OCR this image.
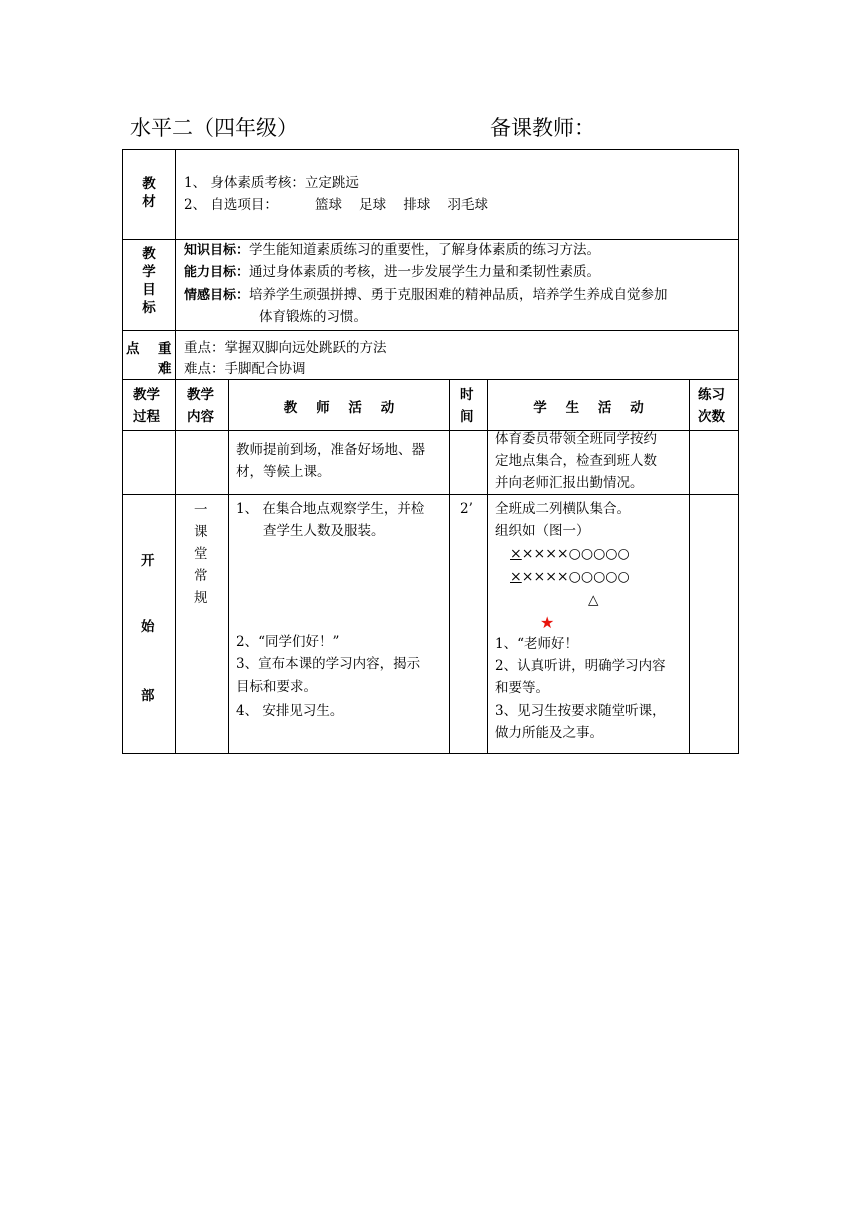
水平二（四年级）	备课教师：
教材
1、 身体素质考核：立定跳远
2、 自选项目：	篮球    足球    排球    羽毛球
教学目标
知识目标：学生能知道素质练习的重要性，了解身体素质的练习方法。
能力目标：通过身体素质的考核，进一步发展学生力量和柔韧性素质。
情感目标：培养学生顽强拼搏、勇于克服困难的精神品质，培养学生养成自觉参加
体育锻炼的习惯。
点 重
难
重点：掌握双脚向远处跳跃的方法
难点：手脚配合协调
教学
过程
教学
内容
教    师    活    动
时
间
学    生    活    动
练习
次数
教师提前到场，准备好场地、器
材，等候上课。
体育委员带领全班同学按约
定地点集合，检查到班人数
并向老师汇报出勤情况。
开
始
部
一课堂常规
1、 在集合地点观察学生，并检
查学生人数及服装。
2、“同学们好！”
3、宣布本课的学习内容，揭示
目标和要求。
4、 安排见习生。
2’ 全班成二列横队集合。
组织如（图一）
×××××○○○○○
×××××○○○○○
△
★
1、“老师好！
2、认真听讲，明确学习内容
和要等。
3、见习生按要求随堂听课，
做力所能及之事。
